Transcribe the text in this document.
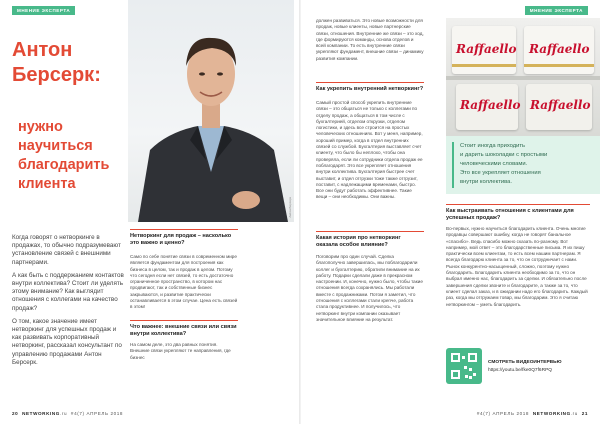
МНЕНИЕ ЭКСПЕРТА
Антон
Берсерк:
нужно
научиться
благодарить
клиента
Антон Берсерк

Когда говорят о нетворкинге в продажах, то обычно подразумевают установление связей с внешними партнерами.

А как быть с поддержанием контактов внутри коллектива? Стоит ли уделять этому внимание? Как выглядит отношения с коллегами на качество продаж?

О том, какое значение имеет нетворкинг для успешных продаж и как развивать корпоративный нетворкинг, рассказал консультант по управлению продажами Антон Берсерк.

Нетворкинг для продаж – насколько это важно и ценно?
Само по себе понятие связи в современном мире является фундаментом для построения как бизнеса в целом, так и продаж в целом. Потому что сегодня если нет связей, то есть достаточно ограниченное пространство, в котором нас продвигают, так и собственные бизнес закрываются, и развитие практически останавливается в этом случае. Цена есть связей в этом!
Что важнее: внешние связи или связи внутри коллектива?
На самом деле, это два равных понятия. Внешние связи укрепляют те направления, где бизнес
20 NETWORKING.ru #4(7) АПРЕЛЬ 2018
МНЕНИЕ ЭКСПЕРТА
должен развиваться. Это новые возможности для продаж, новые клиенты, новые партнерские связи, отношения. Внутренние же связи – это ход, где формируются команды, основа отделов и всей компании. То есть внутренние связи укрепляют фундамент, внешние связи – динамику развития компании.
Как укрепить внутренний нетворкинг?
Самый простой способ укрепить внутренние связи – это общаться не только с коллегами по отделу продаж, а общаться в том числе с бухгалтерией, отделом открузки, отделом логистики, и здесь все строится на простых человеческих отношениях. Вот у меня, например, хороший пример, когда в отдел внутренних связей со службой. Бухгалтерия выставляет счет клиенту, что было бы неплохо, чтобы она проверяла, если ли сотрудники отдела продаж ее поблагодарят. Это все укрепляет отношения внутри коллектива. Бухгалтерия быстрее счет выставит, и отдел отгрузки тоже также отгрузит, поставит, с надлежащими временами, быстро. Все они будут работать эффективнее. Такие вещи – они необходимы. Они важны.
Какая история про нетворкинг оказала особое влияние?
Поговорим про один случай. Сделка благополучно завершилась, мы поблагодарили коллег и бухгалтерию, обратили внимание на их работу. Подарки сделали даже в прекрасном настроении. И, конечно, нужно было, чтобы такие отношения всегда сохранялись. Мы работали вместе с продажниками. Потом я заметил, что отношения с коллегами стали крепче, работа стала продуктивнее. И получилось, что нетворкинг внутри компании оказывает значительное влияние на результат.
Raffaello Raffaello
Raffaello Raffaello
Стоит иногда приходить
и дарить шоколадки с простыми
человеческими словами.
Это все укрепляет отношения
внутри коллектива.
Как выстраивать отношения с клиентами для успешных продаж?
Во-первых, нужно научиться благодарить клиента. Очень многие продавцы совершают ошибку, когда не говорят банальное «спасибо». Ведь спасибо можно сказать по-разному. Вот например, мой ответ – это благодарственные письма. Я их пишу практически всем клиентам, то есть всем нашим партнерам. Я всегда благодарю клиента за то, что он сотрудничает с нами. Рынок конкурентно-насыщенный, сложно, поэтому нужно благодарить. Благодарить клиента необходимо за то, что он выбрал именно нас, благодарить за сделки. И обязательно после завершения сделки звоните и благодарите, а также за то, что клиент сделал заказ, и в ожидании надо его благодарить. Каждый раз, когда мы отгружаем товар, мы благодарим. Это я считаю нетворкингом – уметь благодарить.
СМОТРЕТЬ ВИДЕОИНТЕРВЬЮ
https://youtu.be/fke0Q7f6RPQ
#4(7) АПРЕЛЬ 2018 NETWORKING.ru 21
